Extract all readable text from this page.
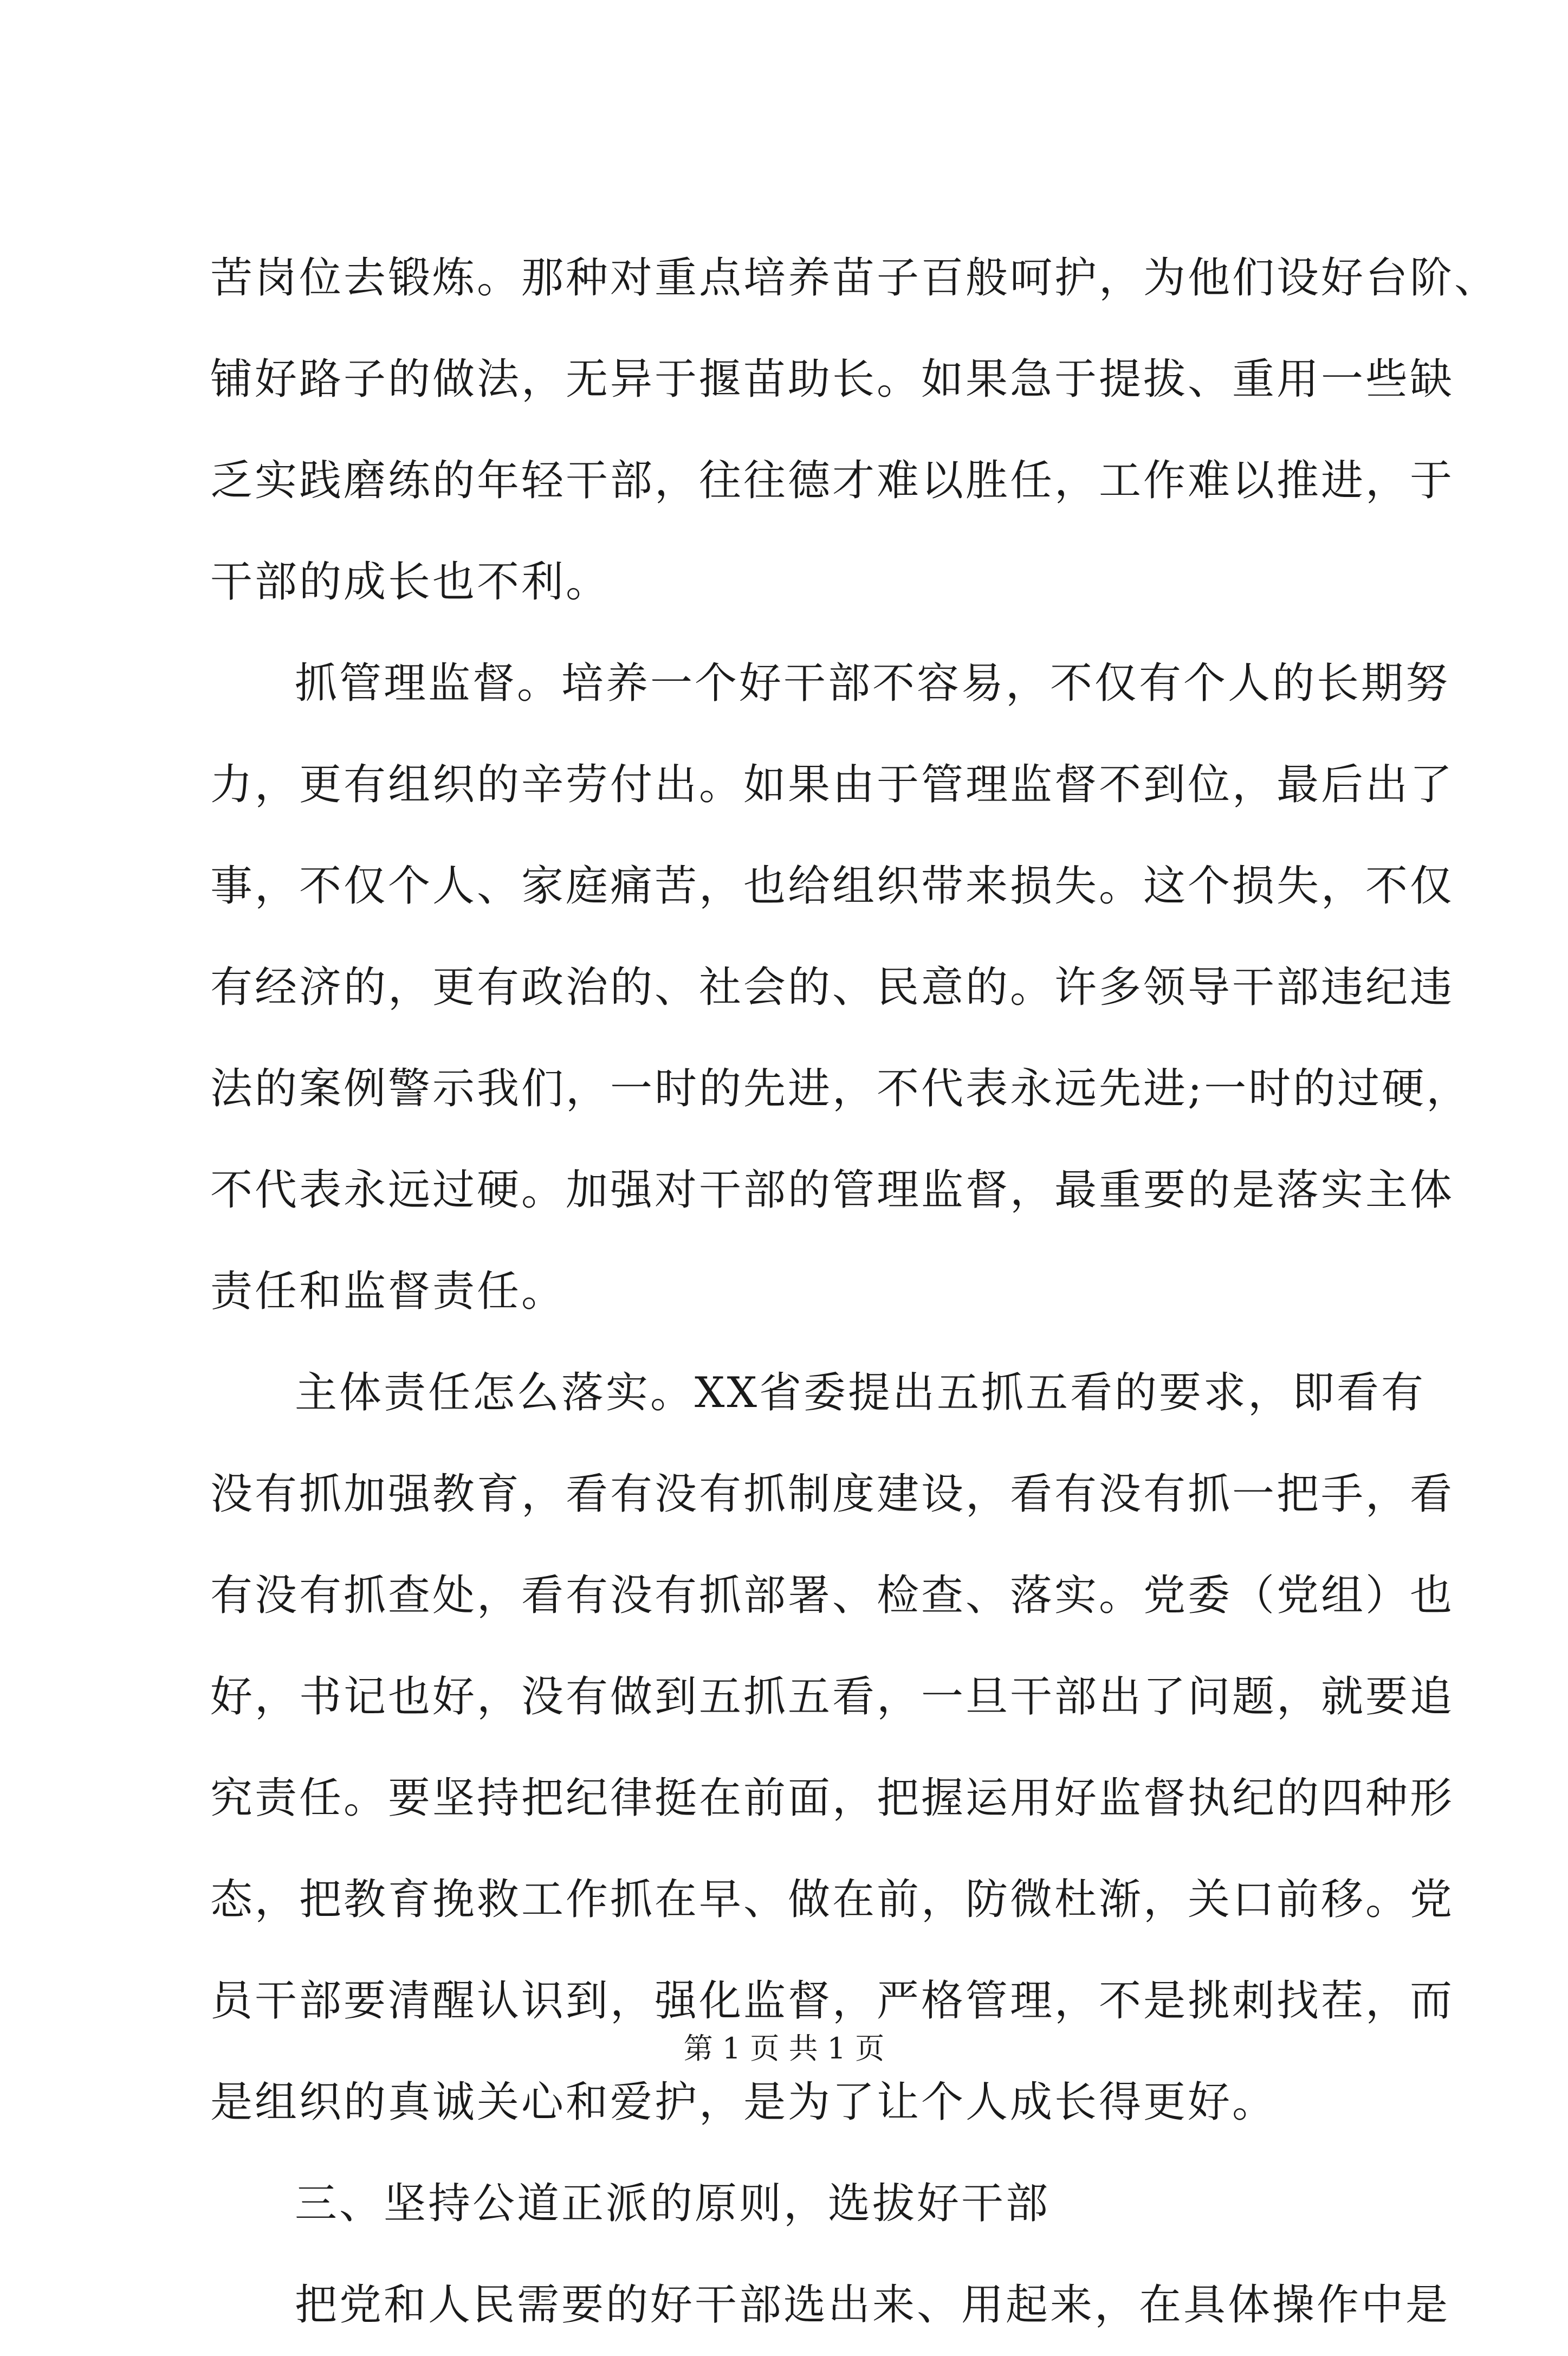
苦岗位去锻炼。那种对重点培养苗子百般呵护，为他们设好台阶、
铺好路子的做法，无异于揠苗助长。如果急于提拔、重用一些缺
乏实践磨练的年轻干部，往往德才难以胜任，工作难以推进，于
干部的成长也不利。
抓管理监督。培养一个好干部不容易，不仅有个人的长期努
力，更有组织的辛劳付出。如果由于管理监督不到位，最后出了
事，不仅个人、家庭痛苦，也给组织带来损失。这个损失，不仅
有经济的，更有政治的、社会的、民意的。许多领导干部违纪违
法的案例警示我们，一时的先进，不代表永远先进;一时的过硬，
不代表永远过硬。加强对干部的管理监督，最重要的是落实主体
责任和监督责任。
主体责任怎么落实。XX省委提出五抓五看的要求，即看有
没有抓加强教育，看有没有抓制度建设，看有没有抓一把手，看
有没有抓查处，看有没有抓部署、检查、落实。党委（党组）也
好，书记也好，没有做到五抓五看，一旦干部出了问题，就要追
究责任。要坚持把纪律挺在前面，把握运用好监督执纪的四种形
态，把教育挽救工作抓在早、做在前，防微杜渐，关口前移。党
员干部要清醒认识到，强化监督，严格管理，不是挑刺找茬，而
是组织的真诚关心和爱护，是为了让个人成长得更好。
三、坚持公道正派的原则，选拔好干部
把党和人民需要的好干部选出来、用起来，在具体操作中是
第 1 页 共 1 页
